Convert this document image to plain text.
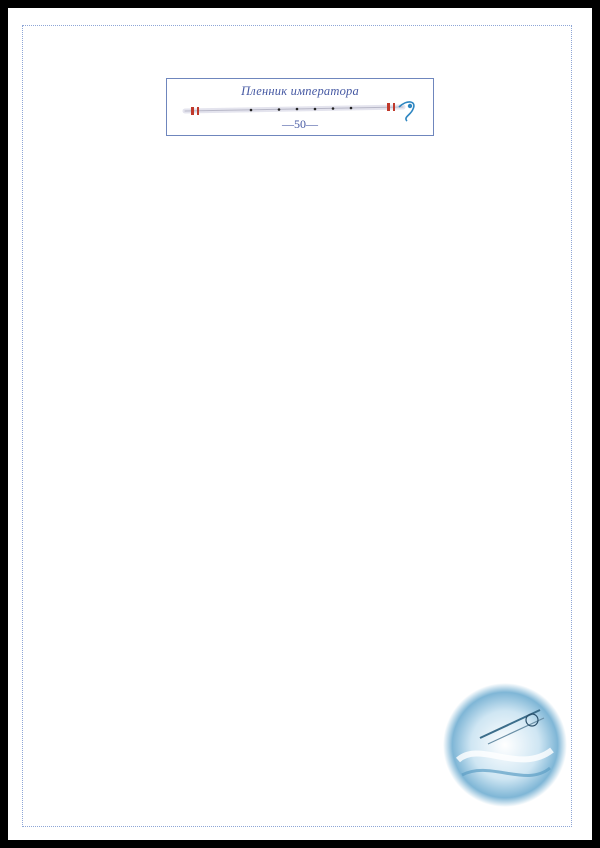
Пленник императора
—50—
